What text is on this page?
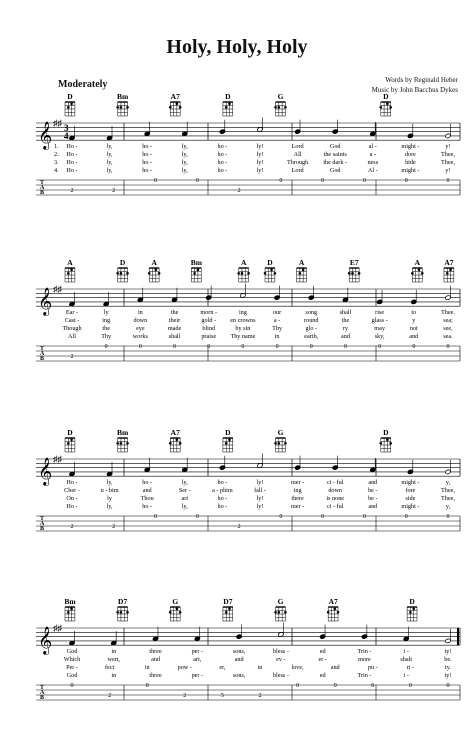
Holy, Holy, Holy
Moderately	Words by Reginald Heber
Music by John Bacchus Dykes
D	Bm	A7	D	G	D
𝄞
♯♯ 3
4
1. Ho -	ly,	ho -	ly,	ho -	ly!	Lord	God	al -	might -	y!
2. Ho -	ly,	ho -	ly,	ho -	ly!	All	the saints	a -	dore	Thee,
3. Ho -	ly,	ho -	ly,	ho -	ly!	Through the dark -	ness	hide	Thee,
4. Ho -	ly,	ho -	ly,	ho -	ly!	Lord	God	Al -	might -	y!
T
A
B	2	2
0	0
2
0	0	0	0	0
A	D	A	Bm	A	D	A	E7	A	A7
𝄞
♯♯
Ear -	ly	in	the	morn -	ing	our	song	shall	rise	to	Thee.
Cast -	ing	down	their	gold - en crowns	a -	round	the	glass -	y	sea;
Though	the	eye	made	blind	by sin	Thy	glo -	ry	may	not	see,
All	Thy	works	shall	praise Thy name	in	earth,	and	sky,	and	sea.
T
A
B	2
0	0	0	0	0	0	0	0	0	0	0
D	Bm	A7	D	G	D
𝄞
♯♯
Ho -	ly,	ho -	ly,	ho -	ly!	mer -	ci - ful	and	might -	y,
Cher -	u - bim	and	Ser -	a - phim	fall -	ing	down	be -	fore	Thee,
On -	ly	Thou	art	ho -	ly!	there	is none	be -	side	Thee,
Ho -	ly,	ho -	ly,	ho -	ly!	mer -	ci - ful	and	might -	y,
T
A
B	2	2
0	0
2
0	0	0	0	0
Bm	D7	G	D7	G	A7	D
𝄞
♯♯
God	in	three	per -	sons,	bless -	ed	Trin -	i -	ty!
Which	wert,	and	art,	and	ev -	er -	more	shalt	be.
Per -	fect	in	pow -	er,	in	love,	and	pu -	ri -	ty.
God	in	three	per -	sons,	bless -	ed	Trin -	i -	ty!
T
A
B
0
2
0
2	5	2
0	0	0	0	0
